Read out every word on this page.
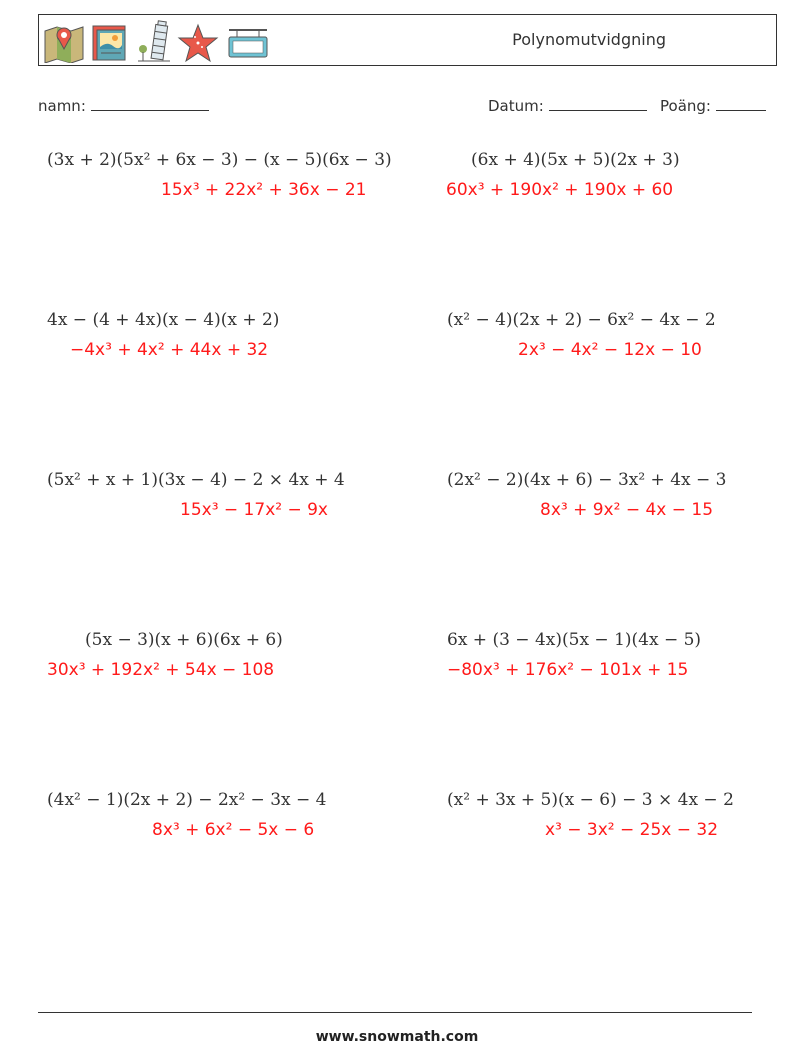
Polynomutvidgning
namn:	Datum:	Poäng:
(3x + 2)(5x² + 6x − 3) − (x − 5)(6x − 3)
15x³ + 22x² + 36x − 21
(6x + 4)(5x + 5)(2x + 3)
60x³ + 190x² + 190x + 60
4x − (4 + 4x)(x − 4)(x + 2)
−4x³ + 4x² + 44x + 32
(x² − 4)(2x + 2) − 6x² − 4x − 2
2x³ − 4x² − 12x − 10
(5x² + x + 1)(3x − 4) − 2 × 4x + 4
15x³ − 17x² − 9x
(2x² − 2)(4x + 6) − 3x² + 4x − 3
8x³ + 9x² − 4x − 15
(5x − 3)(x + 6)(6x + 6)
30x³ + 192x² + 54x − 108
6x + (3 − 4x)(5x − 1)(4x − 5)
−80x³ + 176x² − 101x + 15
(4x² − 1)(2x + 2) − 2x² − 3x − 4
8x³ + 6x² − 5x − 6
(x² + 3x + 5)(x − 6) − 3 × 4x − 2
x³ − 3x² − 25x − 32
www.snowmath.com
